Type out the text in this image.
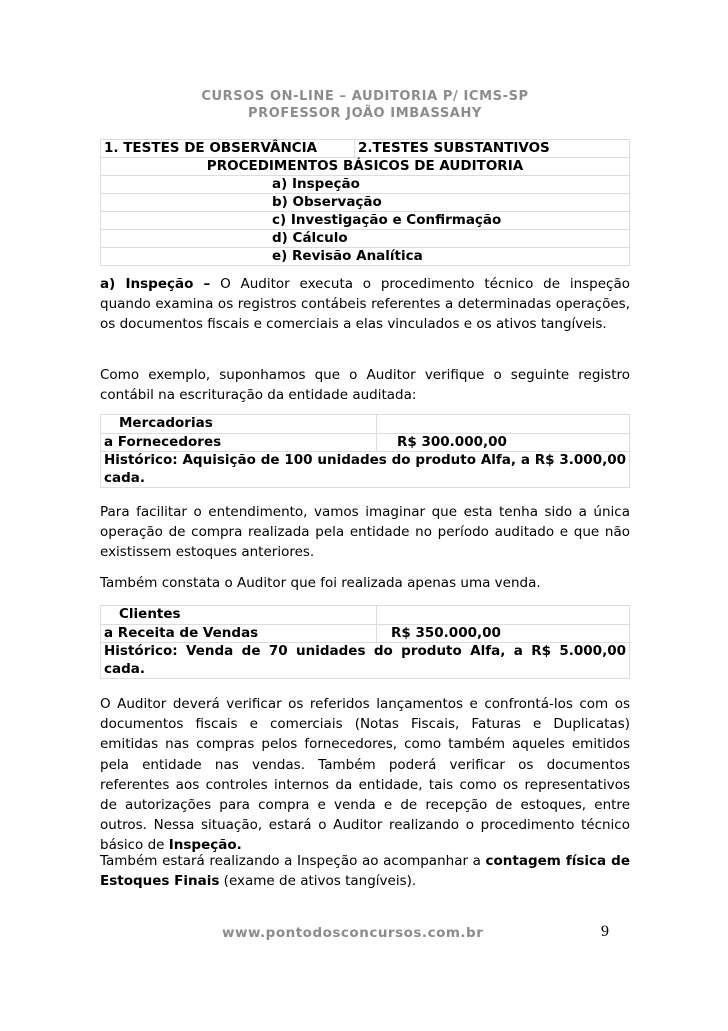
CURSOS ON-LINE – AUDITORIA P/ ICMS-SP
PROFESSOR JOÃO IMBASSAHY
1. TESTES DE OBSERVÂNCIA	2.TESTES SUBSTANTIVOS
PROCEDIMENTOS BÁSICOS DE AUDITORIA
a) Inspeção
b) Observação
c) Investigação e Confirmação
d) Cálculo
e) Revisão Analítica
a) Inspeção – O Auditor executa o procedimento técnico de inspeção quando examina os registros contábeis referentes a determinadas operações, os documentos fiscais e comerciais a elas vinculados e os ativos tangíveis.
Como exemplo, suponhamos que o Auditor verifique o seguinte registro contábil na escrituração da entidade auditada:
Mercadorias	
a Fornecedores	R$ 300.000,00
Histórico: Aquisição de 100 unidades do produto Alfa, a R$ 3.000,00 cada.	
Para facilitar o entendimento, vamos imaginar que esta tenha sido a única operação de compra realizada pela entidade no período auditado e que não existissem estoques anteriores.
Também constata o Auditor que foi realizada apenas uma venda.
Clientes	
a Receita de Vendas	R$ 350.000,00
Histórico: Venda de 70 unidades do produto Alfa, a R$ 5.000,00 cada.	
O Auditor deverá verificar os referidos lançamentos e confrontá-los com os documentos fiscais e comerciais (Notas Fiscais, Faturas e Duplicatas) emitidas nas compras pelos fornecedores, como também aqueles emitidos pela entidade nas vendas. Também poderá verificar os documentos referentes aos controles internos da entidade, tais como os representativos de autorizações para compra e venda e de recepção de estoques, entre outros. Nessa situação, estará o Auditor realizando o procedimento técnico básico de Inspeção.
Também estará realizando a Inspeção ao acompanhar a contagem física de Estoques Finais (exame de ativos tangíveis).
www.pontodosconcursos.com.br	9
